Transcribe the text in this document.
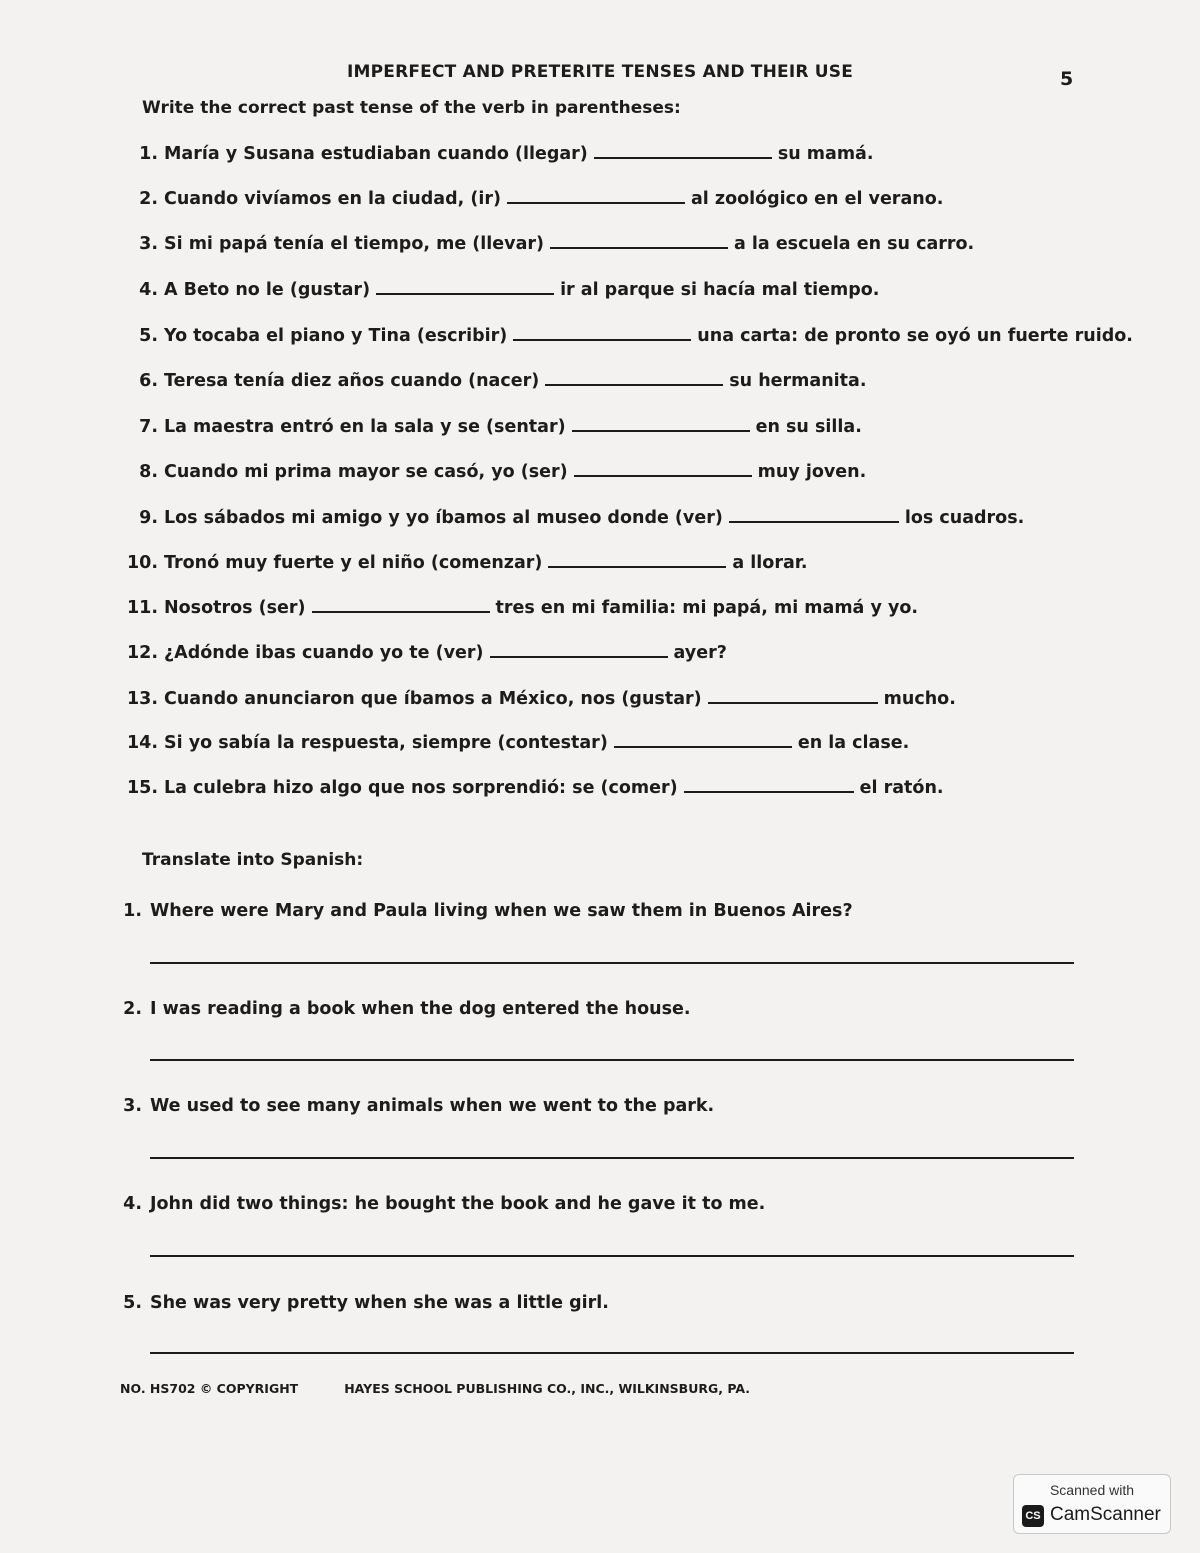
IMPERFECT AND PRETERITE TENSES AND THEIR USE	5
Write the correct past tense of the verb in parentheses:
1. María y Susana estudiaban cuando (llegar)	su mamá.
2. Cuando vivíamos en la ciudad, (ir)	al zoológico en el verano.
3. Si mi papá tenía el tiempo, me (llevar)	a la escuela en su carro.
4. A Beto no le (gustar)	ir al parque si hacía mal tiempo.
5. Yo tocaba el piano y Tina (escribir)	una carta: de pronto se oyó un fuerte ruido.
6. Teresa tenía diez años cuando (nacer)	su hermanita.
7. La maestra entró en la sala y se (sentar)	en su silla.
8. Cuando mi prima mayor se casó, yo (ser)	muy joven.
9. Los sábados mi amigo y yo íbamos al museo donde (ver)	los cuadros.
10. Tronó muy fuerte y el niño (comenzar)	a llorar.
11. Nosotros (ser)	tres en mi familia: mi papá, mi mamá y yo.
12. ¿Adónde ibas cuando yo te (ver)	ayer?
13. Cuando anunciaron que íbamos a México, nos (gustar)	mucho.
14. Si yo sabía la respuesta, siempre (contestar)	en la clase.
15. La culebra hizo algo que nos sorprendió: se (comer)	el ratón.
Translate into Spanish:
1. Where were Mary and Paula living when we saw them in Buenos Aires?
2. I was reading a book when the dog entered the house.
3. We used to see many animals when we went to the park.
4. John did two things: he bought the book and he gave it to me.
5. She was very pretty when she was a little girl.
NO. HS702 © COPYRIGHT	HAYES SCHOOL PUBLISHING CO., INC., WILKINSBURG, PA.
Scanned with
CS CamScanner
